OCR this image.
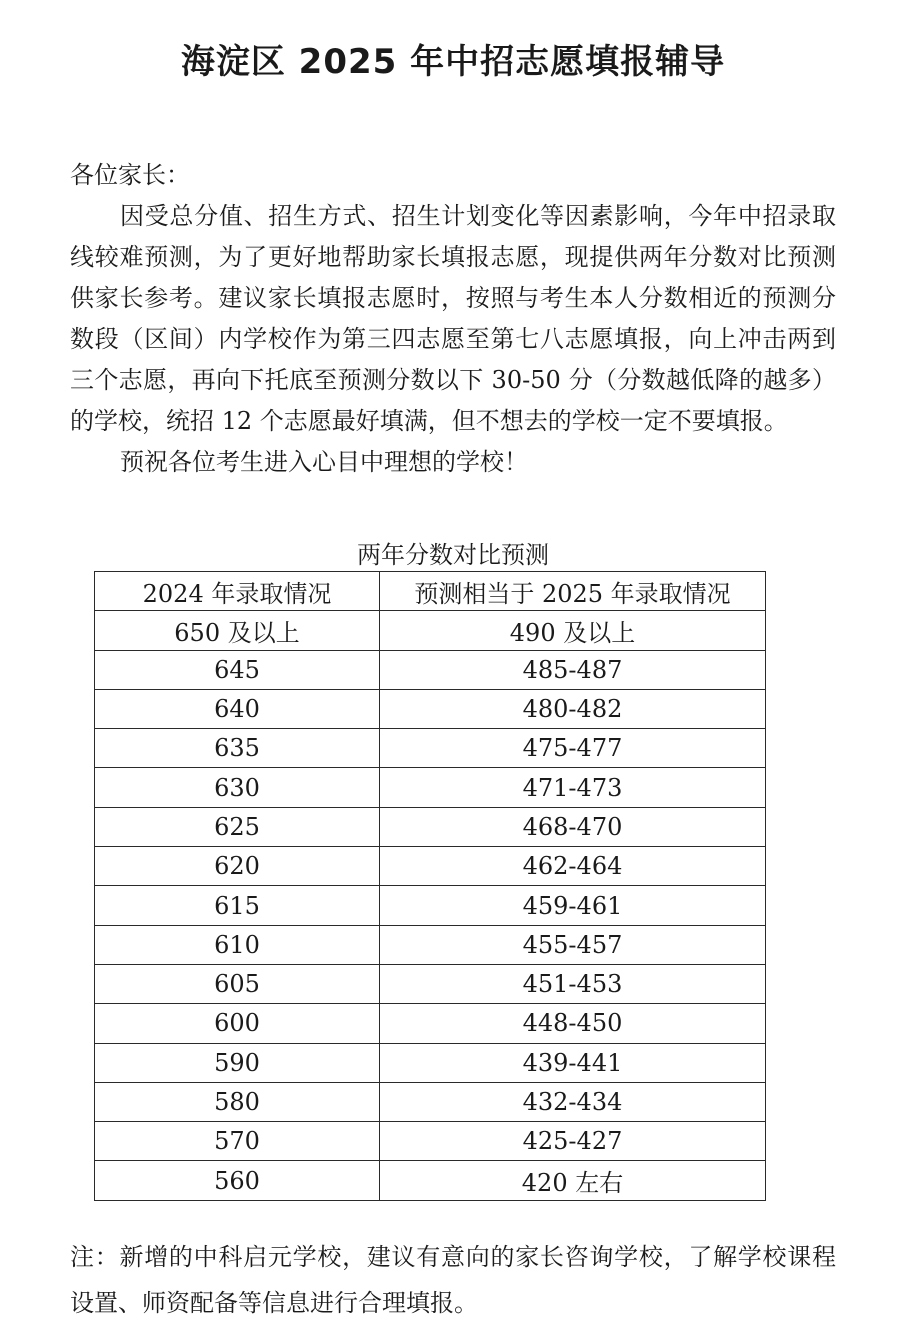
海淀区 2025 年中招志愿填报辅导

各位家长：

因受总分值、招生方式、招生计划变化等因素影响，今年中招录取线较难预测，为了更好地帮助家长填报志愿，现提供两年分数对比预测供家长参考。建议家长填报志愿时，按照与考生本人分数相近的预测分数段（区间）内学校作为第三四志愿至第七八志愿填报，向上冲击两到三个志愿，再向下托底至预测分数以下 30-50 分（分数越低降的越多）的学校，统招 12 个志愿最好填满，但不想去的学校一定不要填报。

预祝各位考生进入心目中理想的学校！

两年分数对比预测
2024 年录取情况	预测相当于 2025 年录取情况
650 及以上	490 及以上
645	485-487
640	480-482
635	475-477
630	471-473
625	468-470
620	462-464
615	459-461
610	455-457
605	451-453
600	448-450
590	439-441
580	432-434
570	425-427
560	420 左右

注：新增的中科启元学校，建议有意向的家长咨询学校，了解学校课程设置、师资配备等信息进行合理填报。
